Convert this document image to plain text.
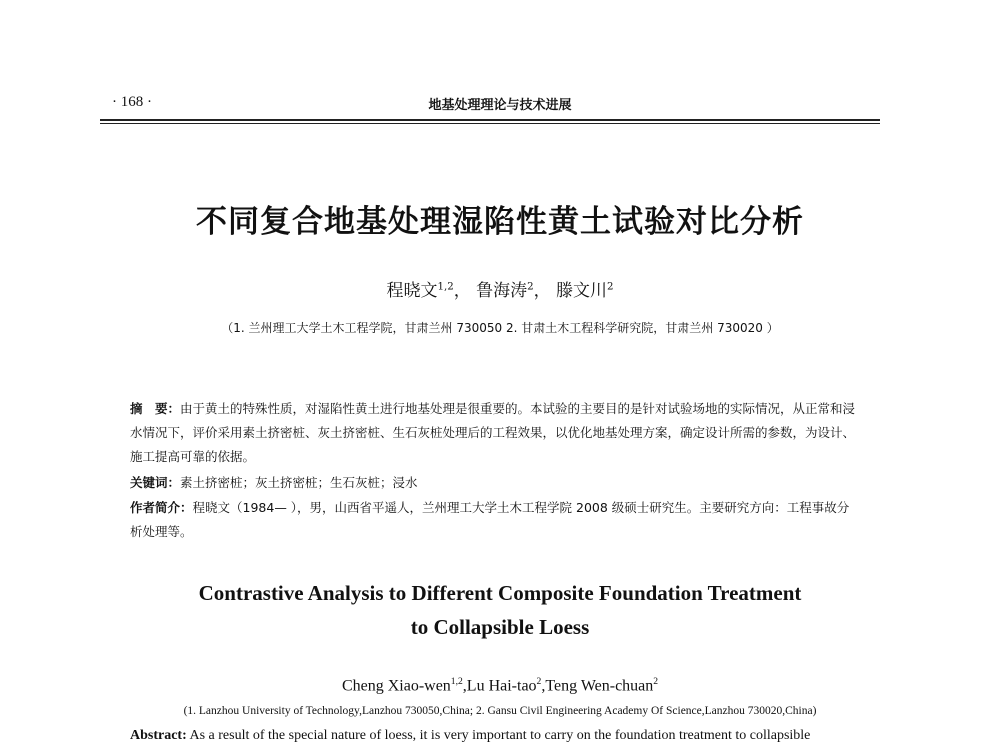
· 168 ·	地基处理理论与技术进展
不同复合地基处理湿陷性黄土试验对比分析
程晓文$^{1,2}$， 鲁海涛$^2$， 滕文川$^2$
（1. 兰州理工大学土木工程学院，甘肃兰州 730050 2. 甘肃土木工程科学研究院，甘肃兰州 730020 ）
摘　要：由于黄土的特殊性质，对湿陷性黄土进行地基处理是很重要的。本试验的主要目的是针对试验场地的实际情况，从正常和浸水情况下，评价采用素土挤密桩、灰土挤密桩、生石灰桩处理后的工程效果，以优化地基处理方案，确定设计所需的参数，为设计、施工提高可靠的依据。
关键词：素土挤密桩；灰土挤密桩；生石灰桩；浸水
作者简介：程晓文（1984— ），男，山西省平遥人，兰州理工大学土木工程学院 2008 级硕士研究生。主要研究方向：工程事故分析处理等。
Contrastive Analysis to Different Composite Foundation Treatment
to Collapsible Loess
Cheng Xiao-wen$^{1,2}$,Lu Hai-tao$^2$,Teng Wen-chuan$^2$
(1. Lanzhou University of Technology,Lanzhou 730050,China; 2. Gansu Civil Engineering Academy Of Science,Lanzhou 730020,China)
Abstract: As a result of the special nature of loess, it is very important to carry on the foundation treatment to collapsible
